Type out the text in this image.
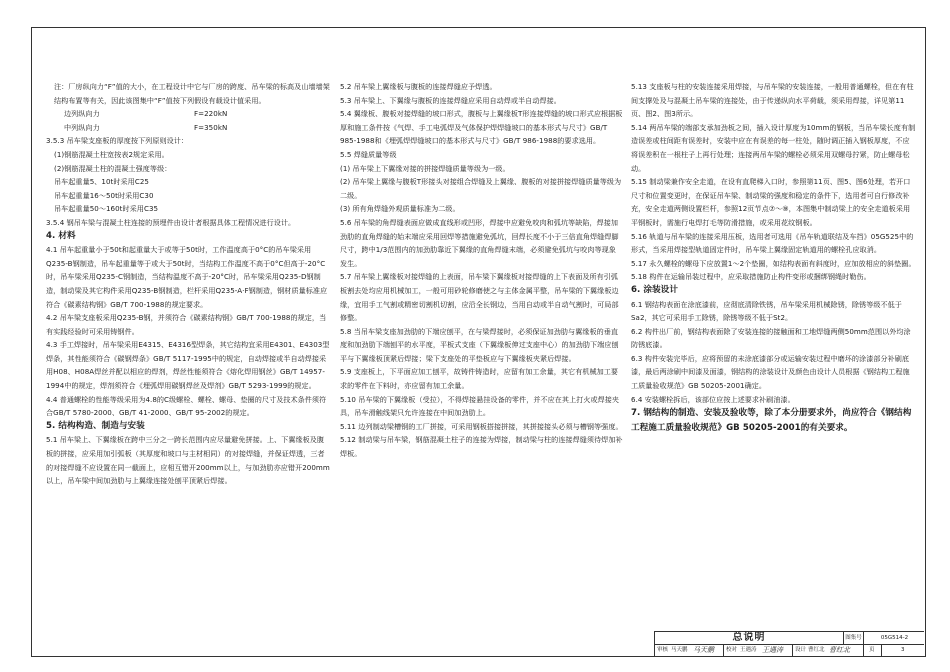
注：厂房纵向力“F”值的大小，在工程设计中它与厂房的跨度、吊车梁的标高及山墙墙架结构布置等有关，因此该图集中“F”值按下列假设有载设计值采用。

边列纵向力	F=220kN
中列纵向力	F=350kN

3.5.3 吊车梁支座板的厚度按下列原则设计：

(1)钢筋混凝土柱宽按表2规定采用。

(2)钢筋混凝土柱的混凝土强度等级：

吊车起重量5、10t时采用C25

吊车起重量16～50t时采用C30

吊车起重量50～160t时采用C35

3.5.4 钢吊车梁与混凝土柱连接的预埋件由设计者根据具体工程情况进行设计。

4. 材料

4.1 吊车起重量小于50t和起重量大于或等于50t时，工作温度高于0°C的吊车梁采用Q235-B钢制造，吊车起重量等于或大于50t时，当结构工作温度不高于0°C但高于-20°C时，吊车梁采用Q235-C钢制造，当结构温度不高于-20°C时，吊车梁采用Q235-D钢制造，制动梁及其它构件采用Q235-B钢制造，栏杆采用Q235-A·F钢制造，钢材质量标准应符合《碳素结构钢》GB/T 700-1988的规定要求。

4.2 吊车梁支座板采用Q235-B钢，并须符合《碳素结构钢》GB/T 700-1988的规定，当有实践经验时可采用铸钢件。

4.3 手工焊接时，吊车梁采用E4315、E4316型焊条，其它结构宜采用E4301、E4303型焊条，其性能须符合《碳钢焊条》GB/T 5117-1995中的规定，自动焊接或半自动焊接采用H08、H08A焊丝并配以相应的焊剂，焊丝性能须符合《熔化焊用钢丝》GB/T 14957-1994中的规定，焊剂须符合《埋弧焊用碳钢焊丝及焊剂》GB/T 5293-1999的规定。

4.4 普通螺栓的性能等级采用为4.8的C级螺栓、螺栓、螺母、垫圈的尺寸及技术条件须符合GB/T 5780-2000、GB/T 41-2000、GB/T 95-2002的规定。

5. 结构构造、制造与安装

5.1 吊车梁上、下翼缘板在跨中三分之一跨长范围内应尽量避免拼接。上、下翼缘板及腹板的拼接，应采用加引弧板（其厚度和坡口与主材相同）的对接焊缝，并保证焊透，三者的对接焊缝不应设置在同一截面上，应相互错开200mm以上，与加劲肋亦应错开200mm以上，吊车梁中间加劲肋与上翼缘连接处刨平顶紧后焊接。

5.2 吊车梁上翼缘板与腹板的连接焊缝应予焊透。

5.3 吊车梁上、下翼缘与腹板的连接焊缝应采用自动焊或半自动焊接。

5.4 翼缘板、腹板对接焊缝的坡口形式，腹板与上翼缘板T形连接焊缝的坡口形式应根据板厚和施工条件按《气焊、手工电弧焊及气体保护焊焊缝坡口的基本形式与尺寸》GB/T 985-1988和《埋弧焊焊缝坡口的基本形式与尺寸》GB/T 986-1988的要求选用。

5.5 焊缝质量等级

(1) 吊车梁上下翼缘对接的拼接焊缝质量等级为一级。

(2) 吊车梁上翼缘与腹板T形接头对接组合焊缝及上翼缘、腹板的对接拼接焊缝质量等级为二级。

(3) 所有角焊缝外观质量标准为二级。

5.6 吊车梁的角焊缝表面应做成直线形或凹形，焊接中应避免咬肉和弧坑等缺陷，焊接加劲肋的直角焊缝的始末端应采用回焊等措施避免弧坑，回焊长度不小于三倍直角焊缝焊脚尺寸，跨中1/3范围内的加劲肋靠近下翼缘的直角焊缝末端，必须避免弧坑与咬肉等现象发生。

5.7 吊车梁上翼缘板对接焊缝的上表面，吊车梁下翼缘板对接焊缝的上下表面及所有引弧板割去处均应用机械加工，一般可用砂轮修磨使之与主体金属平整，吊车梁的下翼缘板边缘，宜用手工气割或精密切割机切割，应沿全长钢边，当用自动或半自动气割时，可局部修整。

5.8 当吊车梁支座加劲肋的下端应刨平，在与梁焊接时，必须保证加劲肋与翼缘板的垂直度和加劲肋下端刨平的水平度，平板式支座（下翼缘板伸过支座中心）的加劲肋下端应刨平与下翼缘板顶紧后焊接；梁下支座处的平垫板应与下翼缘板夹紧后焊接。

5.9 支座板上，下平面应加工刨平，故铸件铸造时，应留有加工余量，其它有机械加工要求的零件在下料时，亦应留有加工余量。

5.10 吊车梁的下翼缘板（受拉），不得焊接悬挂设备的零件，并不应在其上打火或焊接夹具，吊车滑触线架只允许连接在中间加劲肋上。

5.11 边列制动梁槽钢的工厂拼接，可采用钢板搭接拼接，其拼接接头必须与槽钢等强度。

5.12 制动梁与吊车梁，钢筋混凝土柱子的连接为焊接，制动梁与柱的连接焊缝须待焊加补焊板。

5.13 支座板与柱的安装连接采用焊接，与吊车梁的安装连接，一般用普通螺栓，但在有柱间支撑处及与混凝土吊车梁的连接处，由于传递纵向水平荷载，须采用焊接，详见第11页、图2、图3所示。

5.14 两吊车梁的端部支承加劲板之间，插入设计厚度为10mm的钢板，当吊车梁长度有制造误差或柱间距有误差时，安装中应在有误差的每一柱处，随时调正插入钢板厚度，不应将误差积在一根柱子上再行处理；连接两吊车梁的螺栓必须采用双螺母拧紧，防止螺母松动。

5.15 制动梁兼作安全走道，在设有直爬梯入口时，参照第11页、图5、图6处理，若开口尺寸和位置变更时，在保证吊车梁、制动梁的强度和稳定的条件下，选用者可自行修改补充，安全走道两侧设置栏杆，参照12页节点⑦～⑨，本图集中制动梁上的安全走道板采用平钢板时，需施行电焊打毛等防滑措施，或采用花纹钢板。

5.16 轨道与吊车梁的连接采用压板，选用者可选用《吊车轨道联结及车挡》05G525中的形式，当采用焊接型轨道固定件时，吊车梁上翼缘固定轨道用的螺栓孔应取消。

5.17 永久螺栓的螺母下应放置1～2个垫圈，如结构表面有斜度时，应加放相应的斜垫圈。

5.18 构件在运输吊装过程中，应采取措施防止构件变形或捆绑钢绳时勒伤。

6. 涂装设计

6.1 钢结构表面在涂底漆前，应彻底清除铁锈，吊车梁采用机械除锈，除锈等级不低于Sa2，其它可采用手工除锈，除锈等级不低于St2。

6.2 构件出厂前，钢结构表面除了安装连接的接触面和工地焊缝两侧50mm范围以外均涂防锈底漆。

6.3 构件安装完毕后，应将预留的未涂底漆部分或运输安装过程中磨坏的涂漆部分补刷底漆，最后两涂刷中间漆及面漆，钢结构的涂装设计及颜色由设计人员根据《钢结构工程施工质量验收规范》GB 50205-2001确定。

6.4 安装螺栓拆后，该部位应按上述要求补刷油漆。

7. 钢结构的制造、安装及验收等，除了本分册要求外，尚应符合《钢结构工程施工质量验收规范》GB 50205-2001的有关要求。

总说明	图集号	05G514-2
审核 马天鹏 马天鹏 校对 王遇涛 王遇涛 设计 曹红北 曹红北	页	3
